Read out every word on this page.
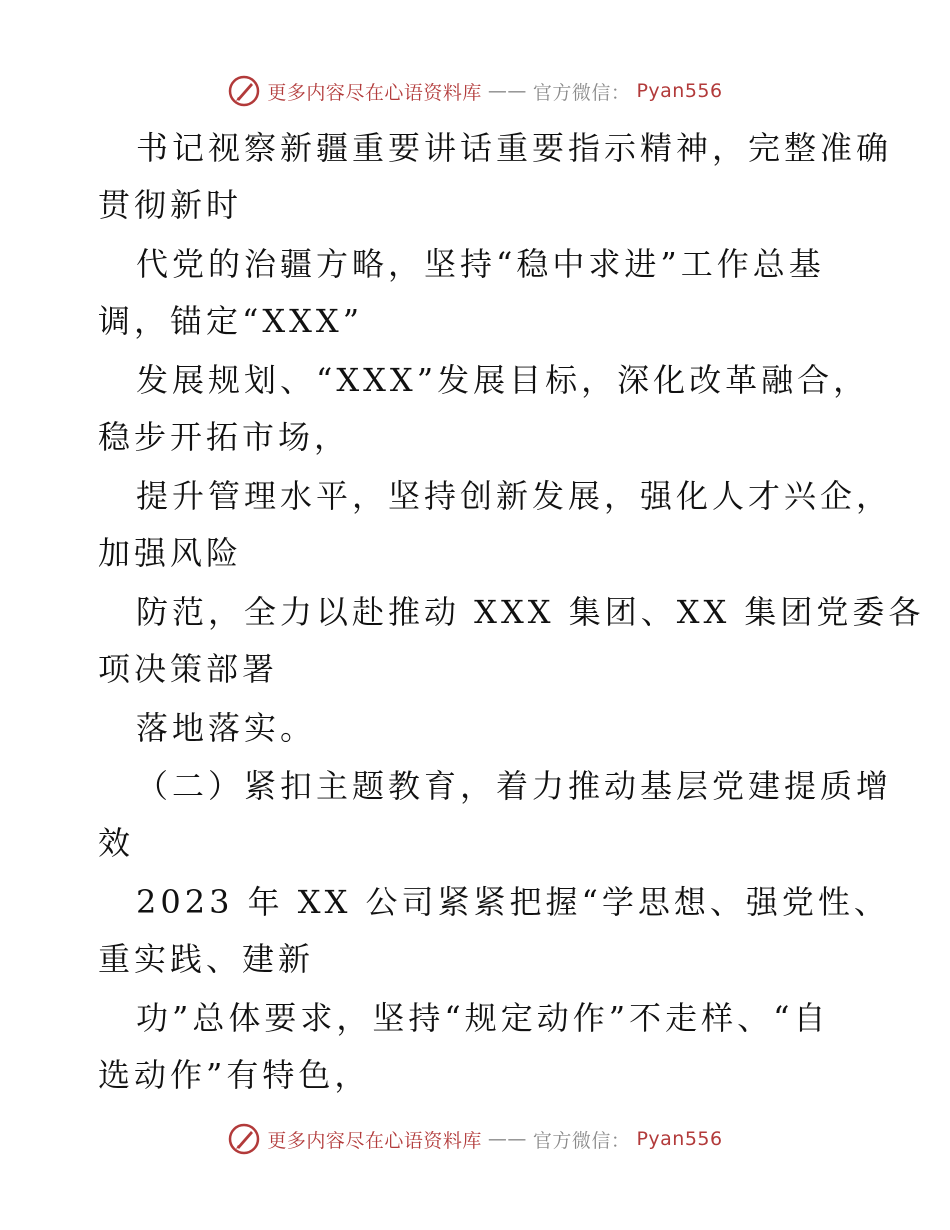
更多内容尽在心语资料库 —— 官方微信： Pyan556
书记视察新疆重要讲话重要指示精神，完整准确
贯彻新时
代党的治疆方略，坚持“稳中求进”工作总基
调，锚定“XXX”
发展规划、“XXX”发展目标，深化改革融合，
稳步开拓市场，
提升管理水平，坚持创新发展，强化人才兴企，
加强风险
防范，全力以赴推动 XXX 集团、XX 集团党委各
项决策部署
落地落实。
（二）紧扣主题教育，着力推动基层党建提质增
效
2023 年 XX 公司紧紧把握“学思想、强党性、
重实践、建新
功”总体要求，坚持“规定动作”不走样、“自
选动作”有特色，
更多内容尽在心语资料库 —— 官方微信： Pyan556
